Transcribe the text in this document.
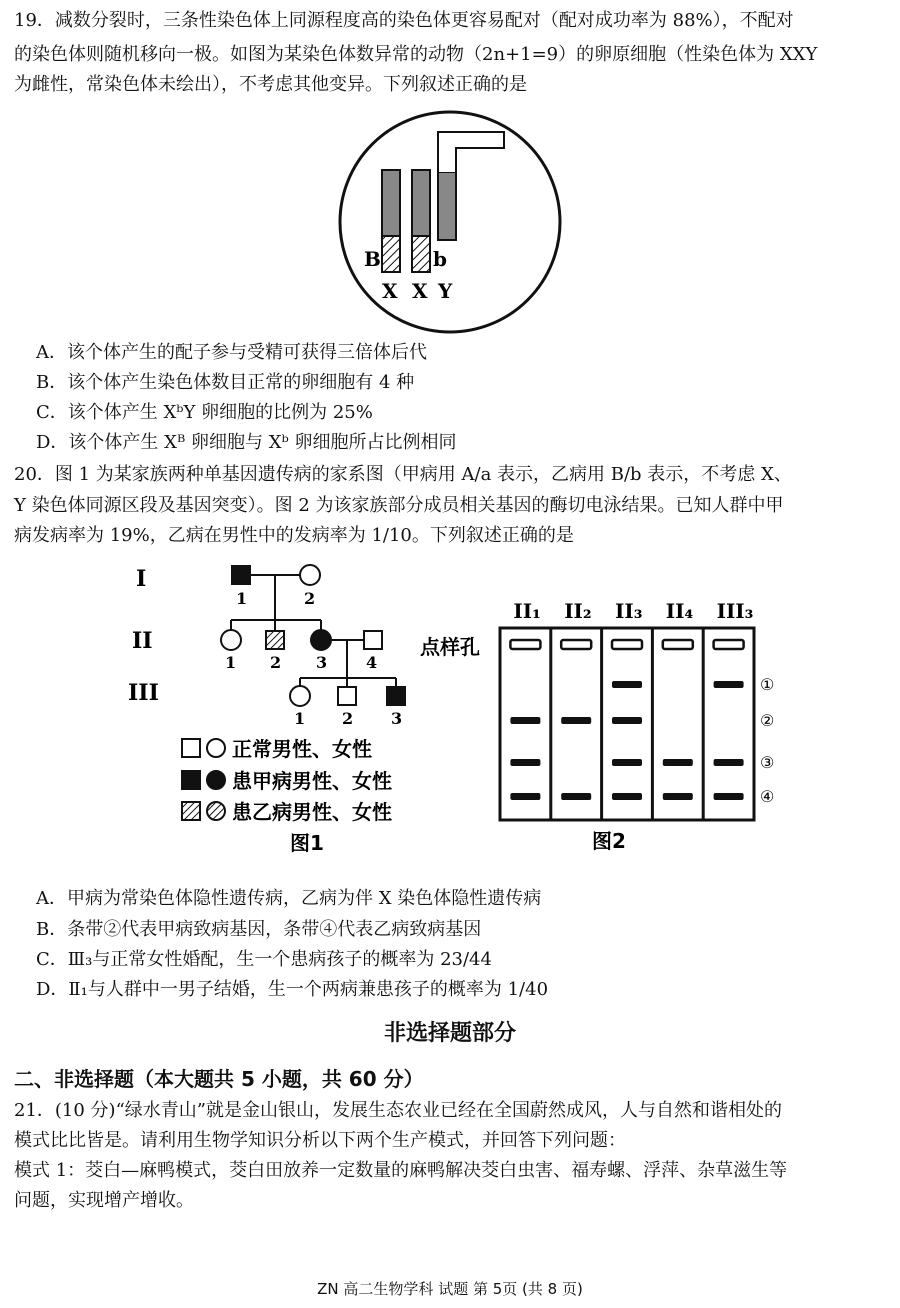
19．减数分裂时，三条性染色体上同源程度高的染色体更容易配对（配对成功率为 88%），不配对

的染色体则随机移向一极。如图为某染色体数异常的动物（2n+1=9）的卵原细胞（性染色体为 XXY

为雌性，常染色体未绘出），不考虑其他变异。下列叙述正确的是

B	b
X X Y

A．该个体产生的配子参与受精可获得三倍体后代

B．该个体产生染色体数目正常的卵细胞有 4 种

C．该个体产生 XᵇY 卵细胞的比例为 25%

D．该个体产生 Xᴮ 卵细胞与 Xᵇ 卵细胞所占比例相同

20．图 1 为某家族两种单基因遗传病的家系图（甲病用 A/a 表示，乙病用 B/b 表示，不考虑 X、

Y 染色体同源区段及基因突变）。图 2 为该家族部分成员相关基因的酶切电泳结果。已知人群中甲

病发病率为 19%，乙病在男性中的发病率为 1/10。下列叙述正确的是

I
II
III
1	2
1 2 3 4
1 2 3
正常男性、女性
患甲病男性、女性
患乙病男性、女性
图1
II₁ II₂ II₃ II₄ III₃
点样孔
①
②
③
④
图2

A．甲病为常染色体隐性遗传病，乙病为伴 X 染色体隐性遗传病

B．条带②代表甲病致病基因，条带④代表乙病致病基因

C．Ⅲ₃与正常女性婚配，生一个患病孩子的概率为 23/44

D．Ⅱ₁与人群中一男子结婚，生一个两病兼患孩子的概率为 1/40

非选择题部分

二、非选择题（本大题共 5 小题，共 60 分）

21．(10 分)“绿水青山”就是金山银山，发展生态农业已经在全国蔚然成风，人与自然和谐相处的

模式比比皆是。请利用生物学知识分析以下两个生产模式，并回答下列问题：

模式 1：茭白—麻鸭模式，茭白田放养一定数量的麻鸭解决茭白虫害、福寿螺、浮萍、杂草滋生等

问题，实现增产增收。

ZN 高二生物学科 试题 第 5页 (共 8 页)
